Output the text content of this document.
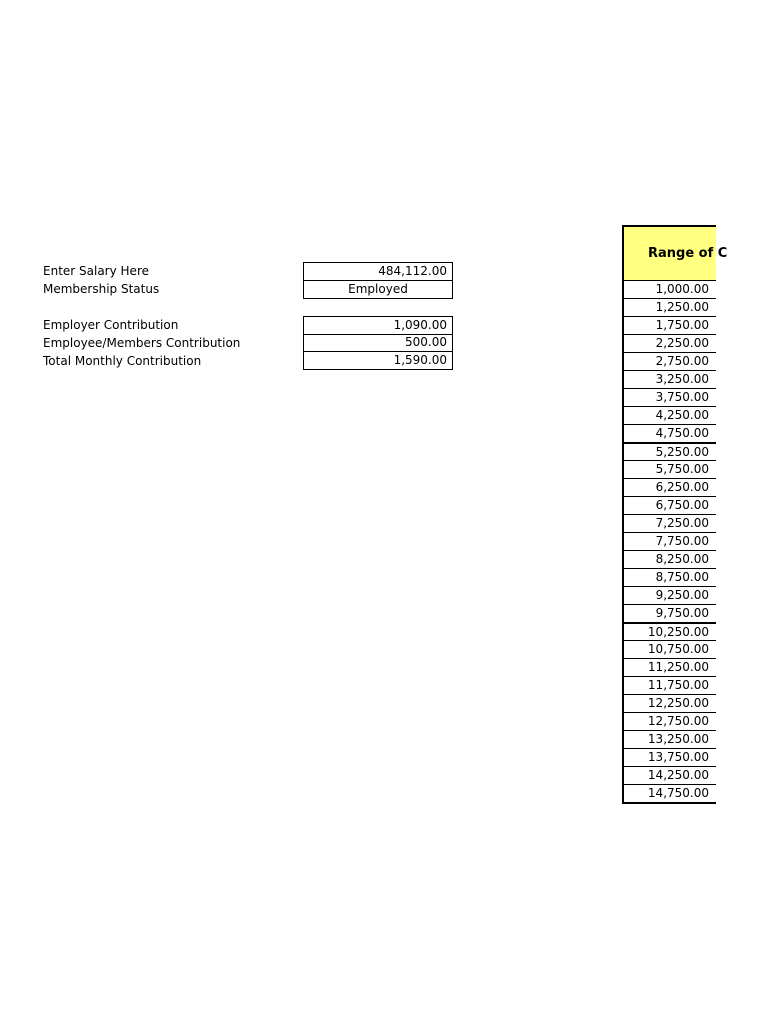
Enter Salary Here
Membership Status
Employer Contribution
Employee/Members Contribution
Total Monthly Contribution
484,112.00
Employed
1,090.00
500.00
1,590.00
Range of C
1,000.00
1,250.00
1,750.00
2,250.00
2,750.00
3,250.00
3,750.00
4,250.00
4,750.00
5,250.00
5,750.00
6,250.00
6,750.00
7,250.00
7,750.00
8,250.00
8,750.00
9,250.00
9,750.00
10,250.00
10,750.00
11,250.00
11,750.00
12,250.00
12,750.00
13,250.00
13,750.00
14,250.00
14,750.00
